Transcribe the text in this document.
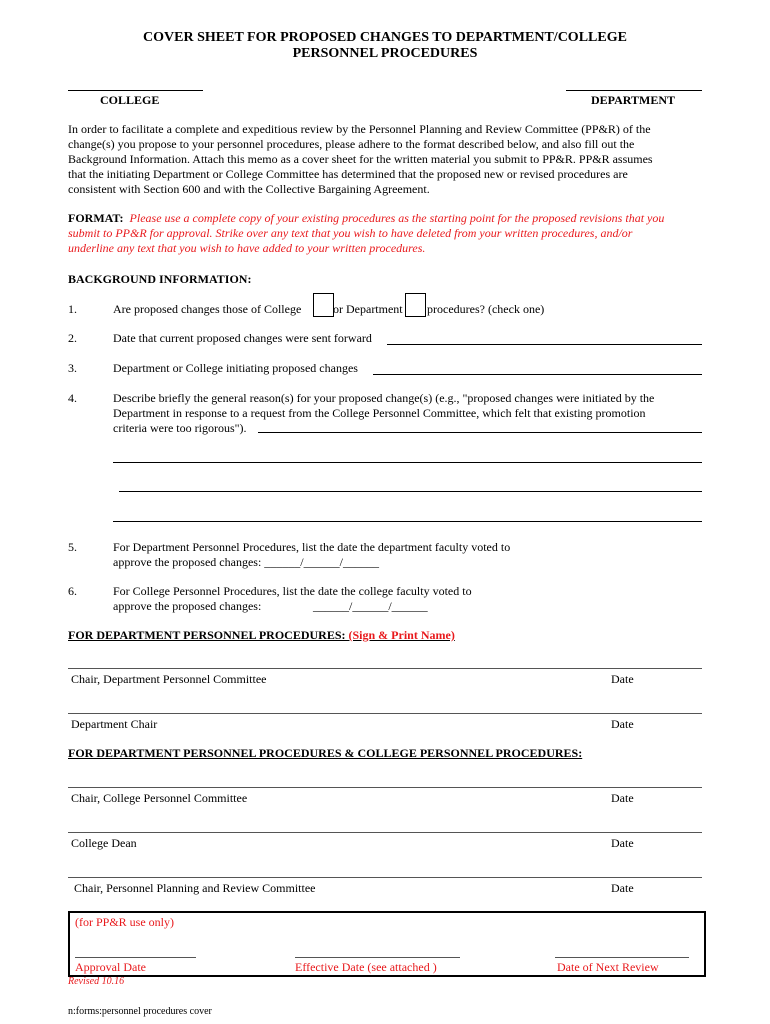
COVER SHEET FOR PROPOSED CHANGES TO DEPARTMENT/COLLEGE
PERSONNEL PROCEDURES
COLLEGE	DEPARTMENT
In order to facilitate a complete and expeditious review by the Personnel Planning and Review Committee (PP&R) of the
change(s) you propose to your personnel procedures, please adhere to the format described below, and also fill out the
Background Information. Attach this memo as a cover sheet for the written material you submit to PP&R. PP&R assumes
that the initiating Department or College Committee has determined that the proposed new or revised procedures are
consistent with Section 600 and with the Collective Bargaining Agreement.
FORMAT: Please use a complete copy of your existing procedures as the starting point for the proposed revisions that you
submit to PP&R for approval. Strike over any text that you wish to have deleted from your written procedures, and/or
underline any text that you wish to have added to your written procedures.
BACKGROUND INFORMATION:
1.	Are proposed changes those of College	or Department procedures? (check one)
2.	Date that current proposed changes were sent forward
3.	Department or College initiating proposed changes
4.	Describe briefly the general reason(s) for your proposed change(s) (e.g., "proposed changes were initiated by the
Department in response to a request from the College Personnel Committee, which felt that existing promotion
criteria were too rigorous").
5.	For Department Personnel Procedures, list the date the department faculty voted to
approve the proposed changes: ______/______/______
6.	For College Personnel Procedures, list the date the college faculty voted to
approve the proposed changes:	______/______/______
FOR DEPARTMENT PERSONNEL PROCEDURES: (Sign & Print Name)
Chair, Department Personnel Committee	Date
Department Chair	Date
FOR DEPARTMENT PERSONNEL PROCEDURES & COLLEGE PERSONNEL PROCEDURES:
Chair, College Personnel Committee	Date
College Dean	Date
Chair, Personnel Planning and Review Committee	Date
(for PP&R use only)
Approval Date	Effective Date (see attached )	Date of Next Review
Revised 10.16
n:forms:personnel procedures cover
